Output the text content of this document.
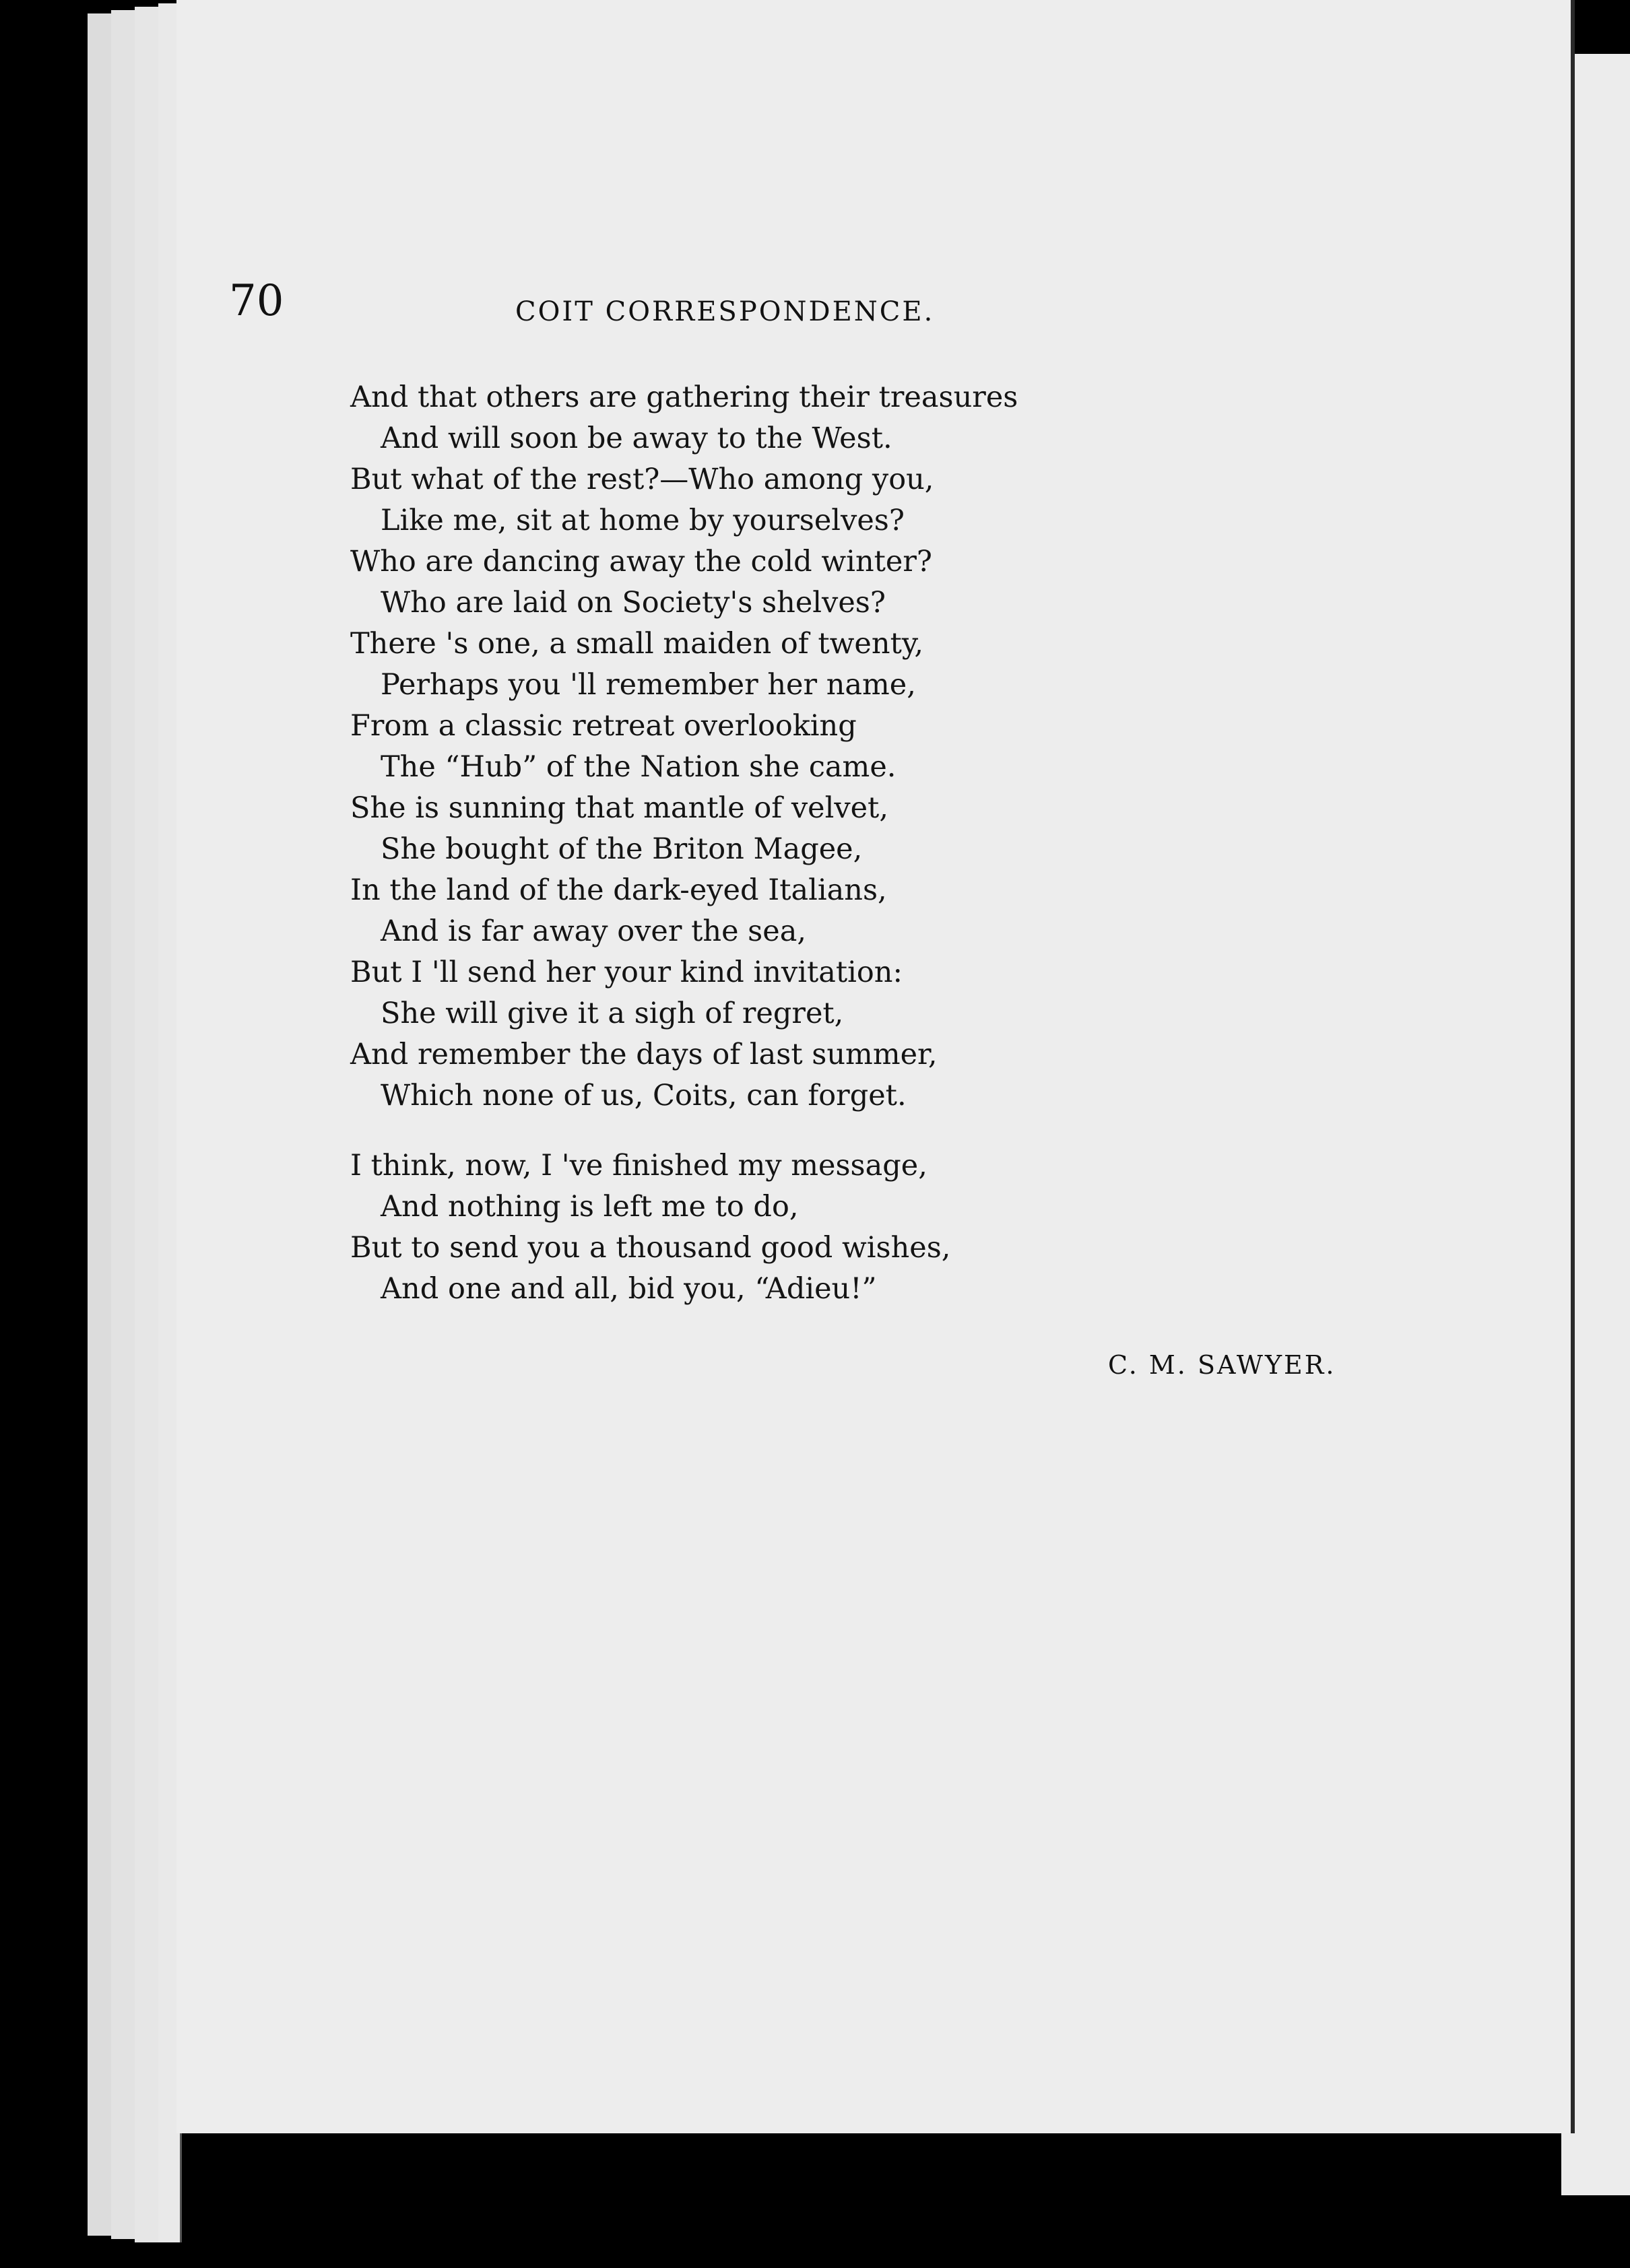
70	COIT CORRESPONDENCE.
And that others are gathering their treasures
And will soon be away to the West.
But what of the rest?—Who among you,
Like me, sit at home by yourselves?
Who are dancing away the cold winter?
Who are laid on Society's shelves?
There 's one, a small maiden of twenty,
Perhaps you 'll remember her name,
From a classic retreat overlooking
The “Hub” of the Nation she came.
She is sunning that mantle of velvet,
She bought of the Briton Magee,
In the land of the dark-eyed Italians,
And is far away over the sea,
But I 'll send her your kind invitation:
She will give it a sigh of regret,
And remember the days of last summer,
Which none of us, Coits, can forget.
I think, now, I 've finished my message,
And nothing is left me to do,
But to send you a thousand good wishes,
And one and all, bid you, “Adieu!”
C. M. SAWYER.
